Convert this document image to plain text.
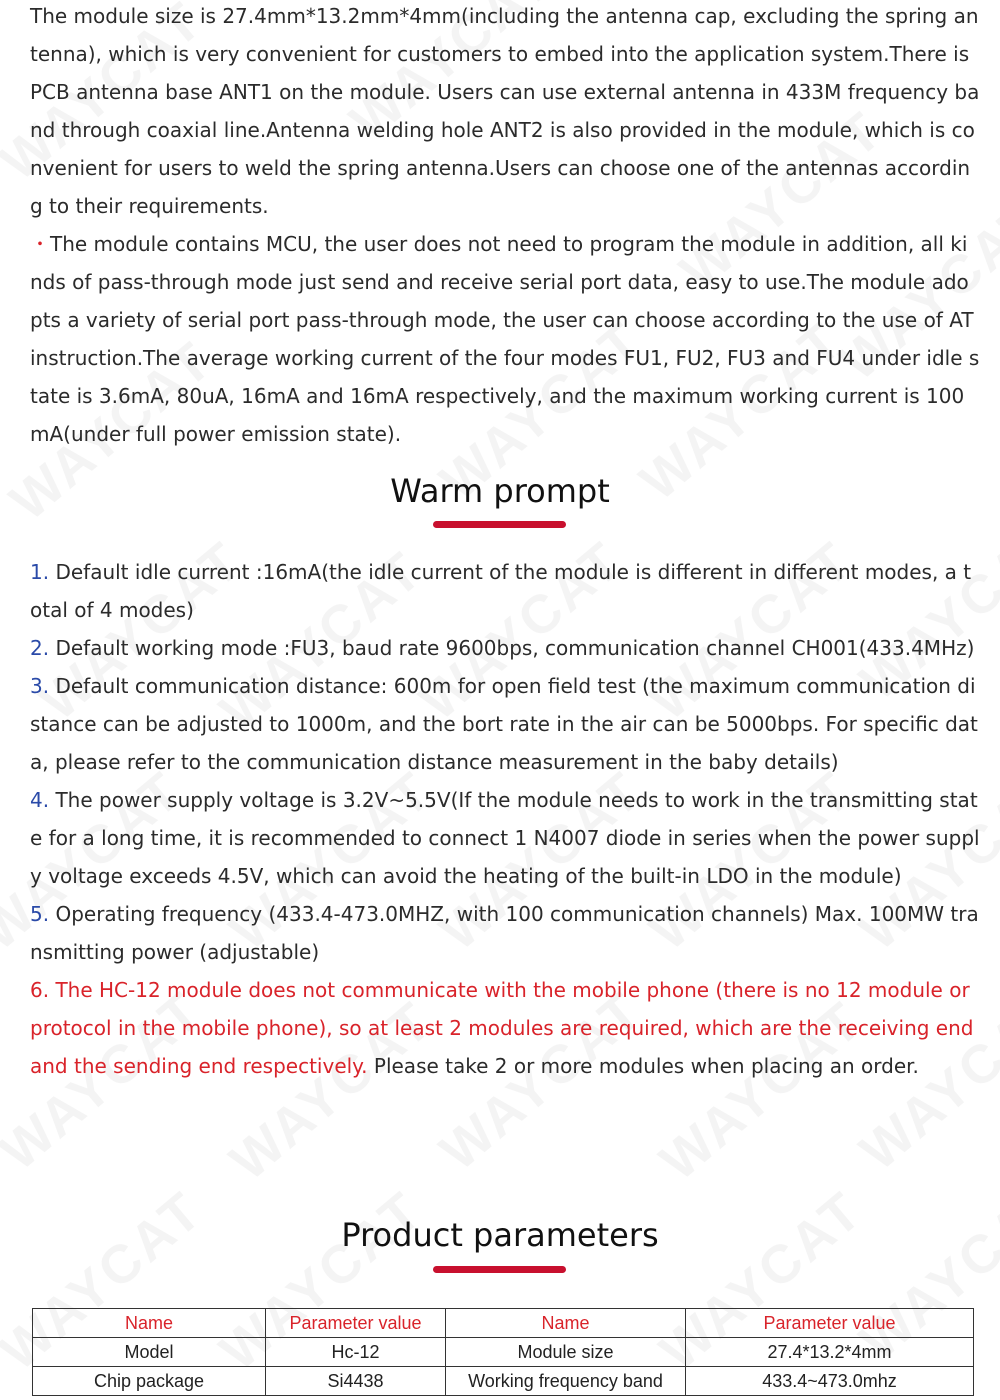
The module size is 27.4mm*13.2mm*4mm(including the antenna cap, excluding the spring antenna), which is very convenient for customers to embed into the application system.There is PCB antenna base ANT1 on the module. Users can use external antenna in 433M frequency band through coaxial line.Antenna welding hole ANT2 is also provided in the module, which is convenient for users to weld the spring antenna.Users can choose one of the antennas according to their requirements.
・The module contains MCU, the user does not need to program the module in addition, all kinds of pass-through mode just send and receive serial port data, easy to use.The module adopts a variety of serial port pass-through mode, the user can choose according to the use of AT instruction.The average working current of the four modes FU1, FU2, FU3 and FU4 under idle state is 3.6mA, 80uA, 16mA and 16mA respectively, and the maximum working current is 100mA(under full power emission state).
Warm prompt
1. Default idle current :16mA(the idle current of the module is different in different modes, a total of 4 modes)
2. Default working mode :FU3, baud rate 9600bps, communication channel CH001(433.4MHz)
3. Default communication distance: 600m for open field test (the maximum communication distance can be adjusted to 1000m, and the bort rate in the air can be 5000bps. For specific data, please refer to the communication distance measurement in the baby details)
4. The power supply voltage is 3.2V~5.5V(If the module needs to work in the transmitting state for a long time, it is recommended to connect 1 N4007 diode in series when the power supply voltage exceeds 4.5V, which can avoid the heating of the built-in LDO in the module)
5. Operating frequency (433.4-473.0MHZ, with 100 communication channels) Max. 100MW transmitting power (adjustable)
6. The HC-12 module does not communicate with the mobile phone (there is no 12 module or protocol in the mobile phone), so at least 2 modules are required, which are the receiving end and the sending end respectively. Please take 2 or more modules when placing an order.
Product parameters
Name	Parameter value	Name	Parameter value
Model	Hc-12	Module size	27.4*13.2*4mm
Chip package	Si4438	Working frequency band	433.4~473.0mhz
